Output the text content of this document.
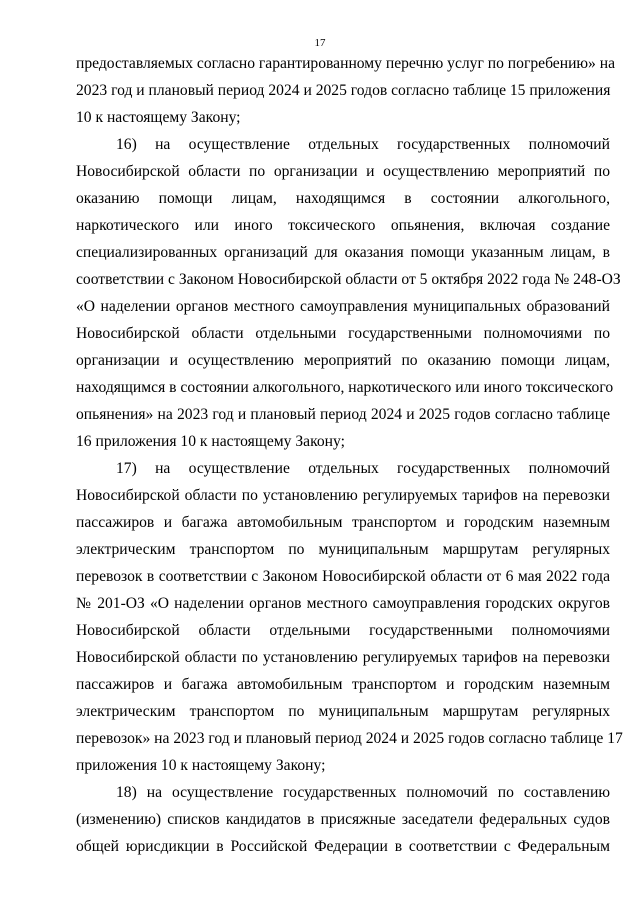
17
предоставляемых согласно гарантированному перечню услуг по погребению» на
2023 год и плановый период 2024 и 2025 годов согласно таблице 15 приложения
10 к настоящему Закону;
16) на осуществление отдельных государственных полномочий
Новосибирской области по организации и осуществлению мероприятий по
оказанию помощи лицам, находящимся в состоянии алкогольного,
наркотического или иного токсического опьянения, включая создание
специализированных организаций для оказания помощи указанным лицам, в
соответствии с Законом Новосибирской области от 5 октября 2022 года № 248-ОЗ
«О наделении органов местного самоуправления муниципальных образований
Новосибирской области отдельными государственными полномочиями по
организации и осуществлению мероприятий по оказанию помощи лицам,
находящимся в состоянии алкогольного, наркотического или иного токсического
опьянения» на 2023 год и плановый период 2024 и 2025 годов согласно таблице
16 приложения 10 к настоящему Закону;
17) на осуществление отдельных государственных полномочий
Новосибирской области по установлению регулируемых тарифов на перевозки
пассажиров и багажа автомобильным транспортом и городским наземным
электрическим транспортом по муниципальным маршрутам регулярных
перевозок в соответствии с Законом Новосибирской области от 6 мая 2022 года
№ 201-ОЗ «О наделении органов местного самоуправления городских округов
Новосибирской области отдельными государственными полномочиями
Новосибирской области по установлению регулируемых тарифов на перевозки
пассажиров и багажа автомобильным транспортом и городским наземным
электрическим транспортом по муниципальным маршрутам регулярных
перевозок» на 2023 год и плановый период 2024 и 2025 годов согласно таблице 17
приложения 10 к настоящему Закону;
18) на осуществление государственных полномочий по составлению
(изменению) списков кандидатов в присяжные заседатели федеральных судов
общей юрисдикции в Российской Федерации в соответствии с Федеральным
